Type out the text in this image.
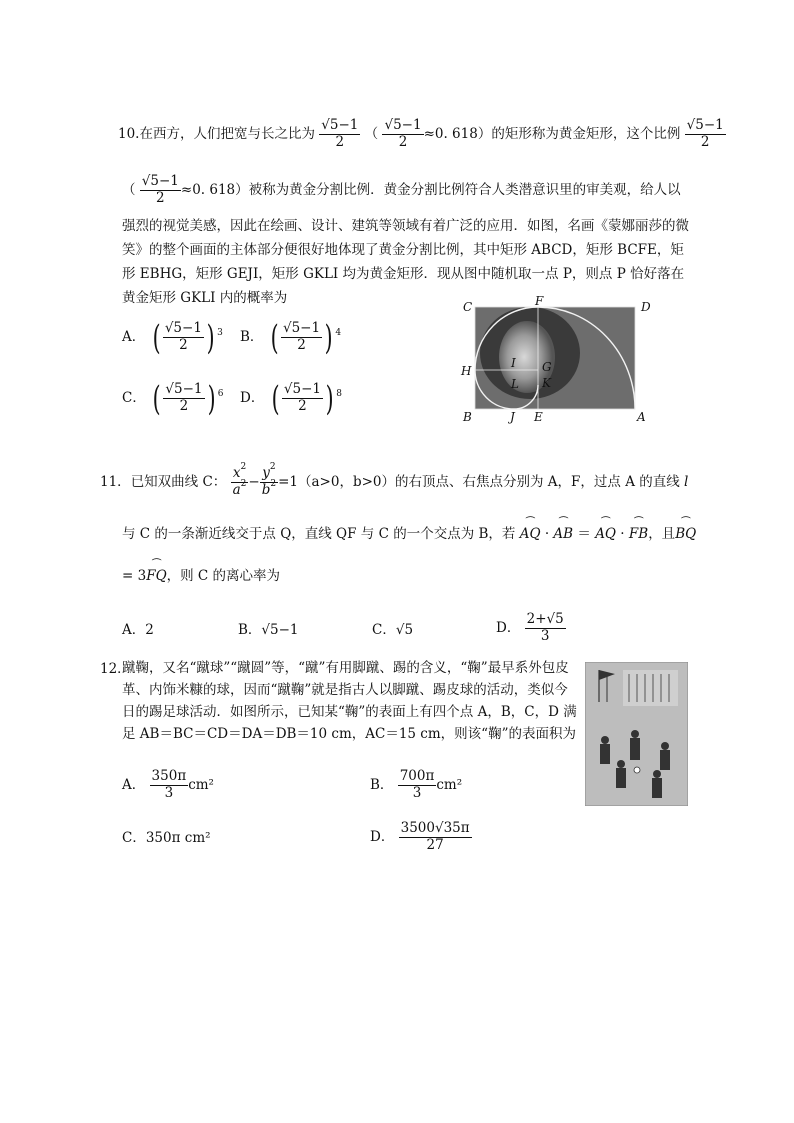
10.在西方，人们把宽与长之比为 $\frac{√5-1}{2}$ （ $\frac{√5-1}{2} \approx 0$. 618）的矩形称为黄金矩形，这个比例 $\frac{√5-1}{2}$
（ $\frac{√5-1}{2} \approx 0$. 618）被称为黄金分割比例．黄金分割比例符合人类潜意识里的审美观，给人以
强烈的视觉美感，因此在绘画、设计、建筑等领域有着广泛的应用．如图，名画《蒙娜丽莎的微笑》的整个画面的主体部分便很好地体现了黄金分割比例，其中矩形 ABCD，矩形 BCFE，矩形 EBHG，矩形 GEJI，矩形 GKLI 均为黄金矩形．现从图中随机取一点 P，则点 P 恰好落在黄金矩形 GKLI 内的概率为
A． ( $\frac{√5-1}{2}$ ) $^3$ B． ( $\frac{√5-1}{2}$ ) $^4$
C． ( $\frac{√5-1}{2}$ ) $^6$ D． ( $\frac{√5-1}{2}$ ) $^8$
C	F	D
H
I G
L K
B	J E	A
11．已知双曲线 C： $\frac{x^2}{a^2} - \frac{y^2}{b^2} =1(a>0$，b>0）的右顶点、右焦点分别为 A，F，过点 A 的直线 l
与 C 的一条渐近线交于点 Q，直线 QF 与 C 的一个交点为 B，若 ⏜ AQ · ⏜ AB ＝ ⏜ AQ · ⏜ FB，且⏜ BQ
= 3⏜ FQ，则 C 的离心率为
A．2	B．√5−1	C．√5	D． $\frac{2+√5}{3}$
12．
蹴鞠，又名“蹴球”“蹴圆”等，“蹴”有用脚蹴、踢的含义，“鞠”最早系外包皮革、内饰米糠的球，因而“蹴鞠”就是指古人以脚蹴、踢皮球的活动，类似今日的踢足球活动．如图所示，已知某“鞠”的表面上有四个点 A，B，C，D 满足 AB＝BC＝CD＝DA＝DB＝10 cm，AC＝15 cm，则该“鞠”的表面积为
A． $\frac{350\pi}{3} cm^2$	B． $\frac{700\pi}{3} cm^2$
C．350π cm²	D． $\frac{3500√35\pi}{27}$
